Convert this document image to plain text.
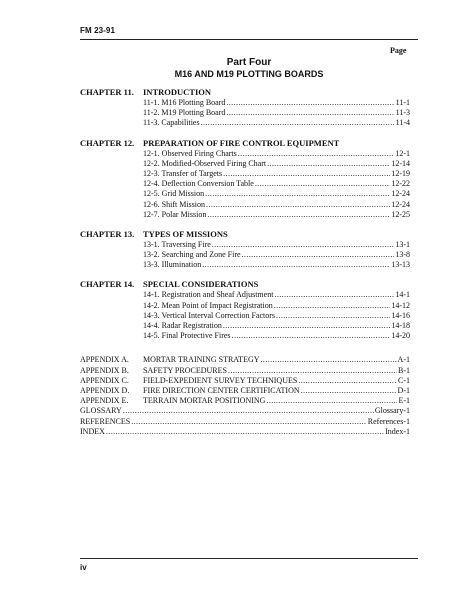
FM 23-91
Page
Part Four
M16 AND M19 PLOTTING BOARDS
CHAPTER 11.	INTRODUCTION
11-1. M16 Plotting Board .....	11-1
11-2. M19 Plotting Board .....	11-3
11-3. Capabilities .....	11-4
CHAPTER 12.	PREPARATION OF FIRE CONTROL EQUIPMENT
12-1. Observed Firing Charts .....	12-1
12-2. Modified-Observed Firing Chart .....	12-14
12-3. Transfer of Targets .....	12-19
12-4. Deflection Conversion Table .....	12-22
12-5. Grid Mission .....	12-24
12-6. Shift Mission .....	12-24
12-7. Polar Mission .....	12-25
CHAPTER 13.	TYPES OF MISSIONS
13-1. Traversing Fire .....	13-1
13-2. Searching and Zone Fire .....	13-8
13-3. Illumination .....	13-13
CHAPTER 14.	SPECIAL CONSIDERATIONS
14-1. Registration and Sheaf Adjustment .....	14-1
14-2. Mean Point of Impact Registration .....	14-12
14-3. Vertical Interval Correction Factors .....	14-16
14-4. Radar Registration .....	14-18
14-5. Final Protective Fires .....	14-20
APPENDIX A.	MORTAR TRAINING STRATEGY .....	A-1
APPENDIX B.	SAFETY PROCEDURES .....	B-1
APPENDIX C.	FIELD-EXPEDIENT SURVEY TECHNIQUES .....	C-1
APPENDIX D.	FIRE DIRECTION CENTER CERTIFICATION .....	D-1
APPENDIX E.	TERRAIN MORTAR POSITIONING .....	E-1
GLOSSARY .....	Glossary-1
REFERENCES .....	References-1
INDEX .....	Index-1
iv
